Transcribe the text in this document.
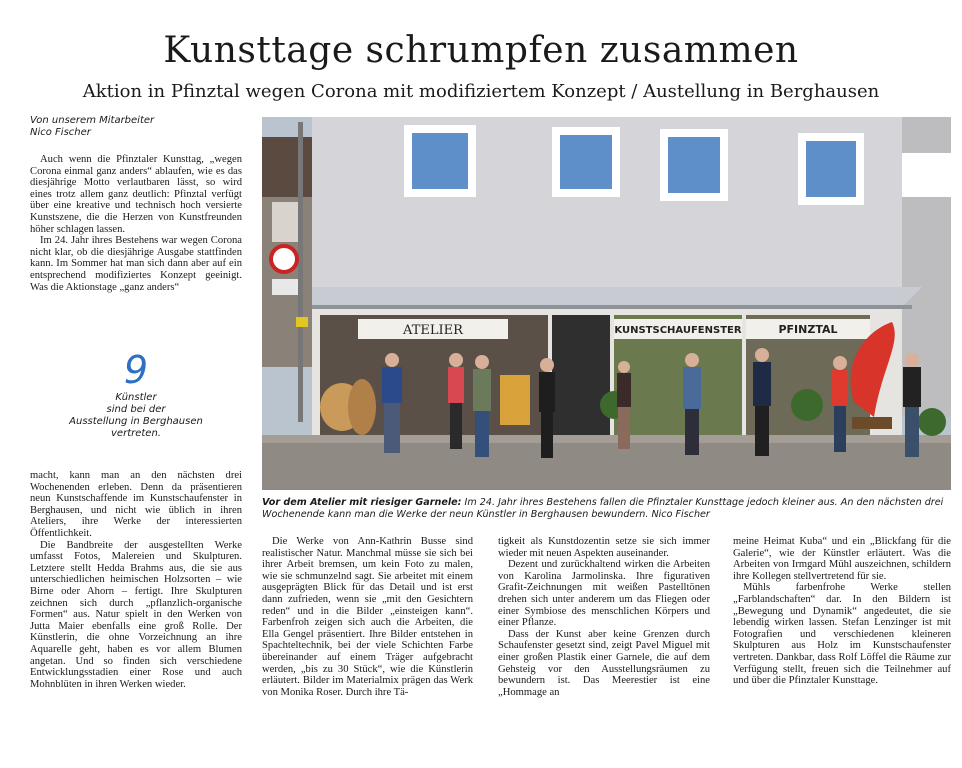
Kunsttage schrumpfen zusammen
Aktion in Pfinztal wegen Corona mit modifiziertem Konzept / Austellung in Berghausen
Von unserem Mitarbeiter
Nico Fischer

Auch wenn die Pfinztaler Kunsttag, „wegen Corona einmal ganz anders“ ablaufen, wie es das diesjährige Motto verlautbaren lässt, so wird eines trotz allem ganz deutlich: Pfinztal verfügt über eine kreative und technisch hoch versierte Kunstszene, die die Herzen von Kunstfreunden höher schlagen lassen.

Im 24. Jahr ihres Bestehens war wegen Corona nicht klar, ob die diesjährige Ausgabe stattfinden kann. Im Sommer hat man sich dann aber auf ein entsprechend modifiziertes Konzept geeinigt. Was die Aktionstage „ganz anders“

9
Künstler
sind bei der
Ausstellung in Berghausen
vertreten.

macht, kann man an den nächsten drei Wochenenden erleben. Denn da präsentieren neun Kunstschaffende im Kunstschaufenster in Berghausen, und nicht wie üblich in ihren Ateliers, ihre Werke der interessierten Öffentlichkeit.

Die Bandbreite der ausgestellten Werke umfasst Fotos, Malereien und Skulpturen. Letztere stellt Hedda Brahms aus, die sie aus unterschiedlichen heimischen Holzsorten – wie Birne oder Ahorn – fertigt. Ihre Skulpturen zeichnen sich durch „pflanzlich-organische Formen“ aus. Natur spielt in den Werken von Jutta Maier ebenfalls eine groß Rolle. Der Künstlerin, die ohne Vorzeichnung an ihre Aquarelle geht, haben es vor allem Blumen angetan. Und so finden sich verschiedene Entwicklungsstadien einer Rose und auch Mohnblüten in ihren Werken wieder.

ATELIER	KUNSTSCHAUFENSTER	PFINZTAL
Vor dem Atelier mit riesiger Garnele: Im 24. Jahr ihres Bestehens fallen die Pfinztaler Kunsttage jedoch kleiner aus. An den nächsten drei Wochenende kann man die Werke der neun Künstler in Berghausen bewundern. Nico Fischer

Die Werke von Ann-Kathrin Busse sind realistischer Natur. Manchmal müsse sie sich bei ihrer Arbeit bremsen, um kein Foto zu malen, wie sie schmunzelnd sagt. Sie arbeitet mit einem ausgeprägten Blick für das Detail und ist erst dann zufrieden, wenn sie „mit den Gesichtern reden“ und in die Bilder „einsteigen kann“. Farbenfroh zeigen sich auch die Arbeiten, die Ella Gengel präsentiert. Ihre Bilder entstehen in Spachteltechnik, bei der viele Schichten Farbe übereinander auf einem Träger aufgebracht werden, „bis zu 30 Stück“, wie die Künstlerin erläutert. Bilder im Materialmix prägen das Werk von Monika Roser. Durch ihre Tä-

tigkeit als Kunstdozentin setze sie sich immer wieder mit neuen Aspekten auseinander.

Dezent und zurückhaltend wirken die Arbeiten von Karolina Jarmolinska. Ihre figurativen Grafit-Zeichnungen mit weißen Pastelltönen drehen sich unter anderem um das Fliegen oder einer Symbiose des menschlichen Körpers und einer Pflanze.

Dass der Kunst aber keine Grenzen durch Schaufenster gesetzt sind, zeigt Pavel Miguel mit einer großen Plastik einer Garnele, die auf dem Gehsteig vor den Ausstellungsräumen zu bewundern ist. Das Meerestier ist eine „Hommage an

meine Heimat Kuba“ und ein „Blickfang für die Galerie“, wie der Künstler erläutert. Was die Arbeiten von Irmgard Mühl auszeichnen, schildern ihre Kollegen stellvertretend für sie.

Mühls farbenfrohe Werke stellen „Farblandschaften“ dar. In den Bildern ist „Bewegung und Dynamik“ angedeutet, die sie lebendig wirken lassen. Stefan Lenzinger ist mit Fotografien und verschiedenen kleineren Skulpturen aus Holz im Kunstschaufenster vertreten. Dankbar, dass Rolf Löffel die Räume zur Verfügung stellt, freuen sich die Teilnehmer auf und über die Pfinztaler Kunsttage.
